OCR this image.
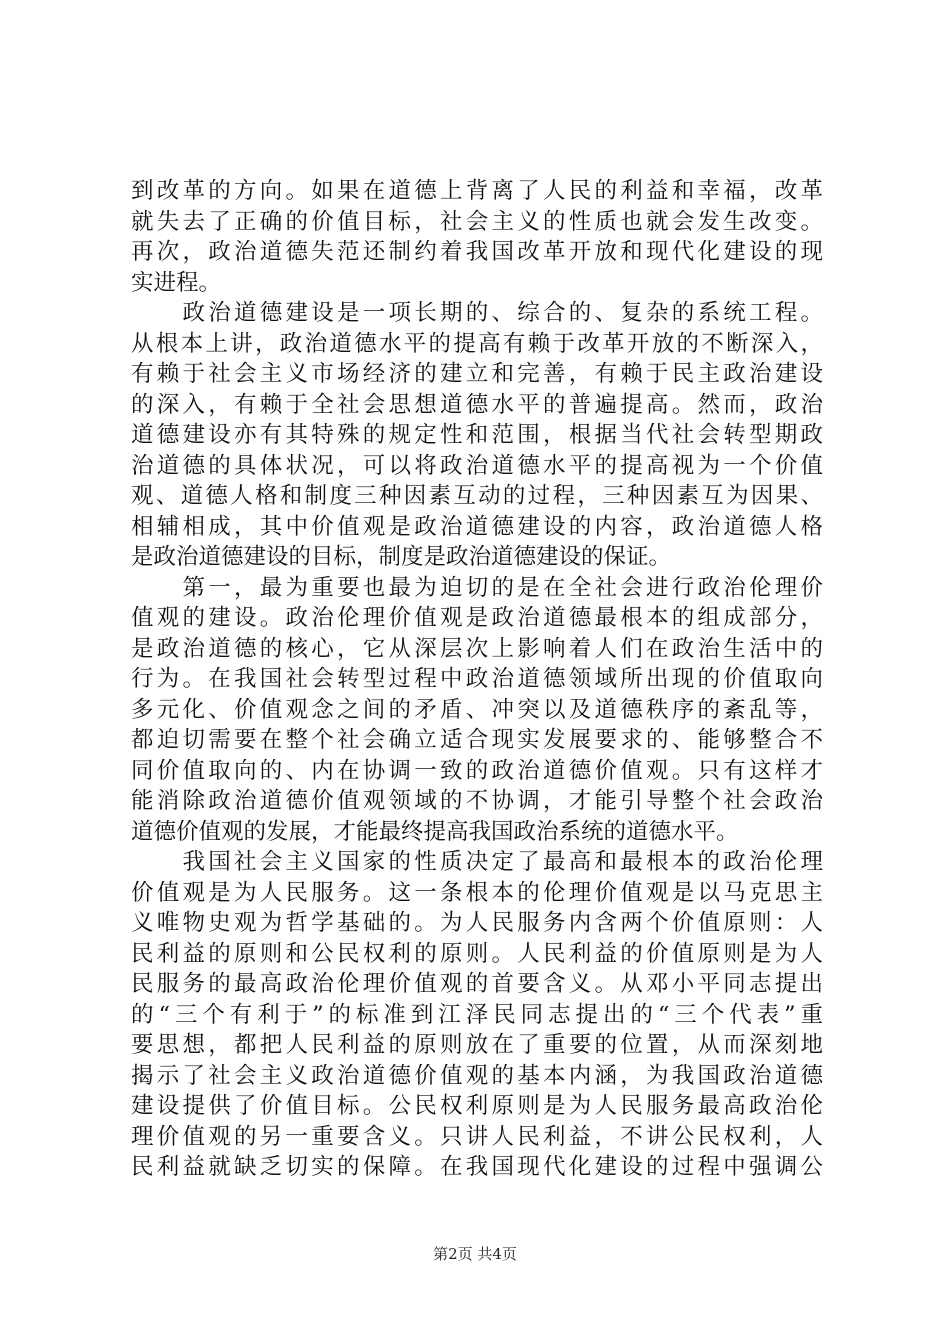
到改革的方向。如果在道德上背离了人民的利益和幸福，改革
就失去了正确的价值目标，社会主义的性质也就会发生改变。
再次，政治道德失范还制约着我国改革开放和现代化建设的现
实进程。
　　政治道德建设是一项长期的、综合的、复杂的系统工程。
从根本上讲，政治道德水平的提高有赖于改革开放的不断深入，
有赖于社会主义市场经济的建立和完善，有赖于民主政治建设
的深入，有赖于全社会思想道德水平的普遍提高。然而，政治
道德建设亦有其特殊的规定性和范围，根据当代社会转型期政
治道德的具体状况，可以将政治道德水平的提高视为一个价值
观、道德人格和制度三种因素互动的过程，三种因素互为因果、
相辅相成，其中价值观是政治道德建设的内容，政治道德人格
是政治道德建设的目标，制度是政治道德建设的保证。
　　第一，最为重要也最为迫切的是在全社会进行政治伦理价
值观的建设。政治伦理价值观是政治道德最根本的组成部分，
是政治道德的核心，它从深层次上影响着人们在政治生活中的
行为。在我国社会转型过程中政治道德领域所出现的价值取向
多元化、价值观念之间的矛盾、冲突以及道德秩序的紊乱等，
都迫切需要在整个社会确立适合现实发展要求的、能够整合不
同价值取向的、内在协调一致的政治道德价值观。只有这样才
能消除政治道德价值观领域的不协调，才能引导整个社会政治
道德价值观的发展，才能最终提高我国政治系统的道德水平。
　　我国社会主义国家的性质决定了最高和最根本的政治伦理
价值观是为人民服务。这一条根本的伦理价值观是以马克思主
义唯物史观为哲学基础的。为人民服务内含两个价值原则：人
民利益的原则和公民权利的原则。人民利益的价值原则是为人
民服务的最高政治伦理价值观的首要含义。从邓小平同志提出
的“三个有利于”的标准到江泽民同志提出的“三个代表”重
要思想，都把人民利益的原则放在了重要的位置，从而深刻地
揭示了社会主义政治道德价值观的基本内涵，为我国政治道德
建设提供了价值目标。公民权利原则是为人民服务最高政治伦
理价值观的另一重要含义。只讲人民利益，不讲公民权利，人
民利益就缺乏切实的保障。在我国现代化建设的过程中强调公
第2页 共4页
